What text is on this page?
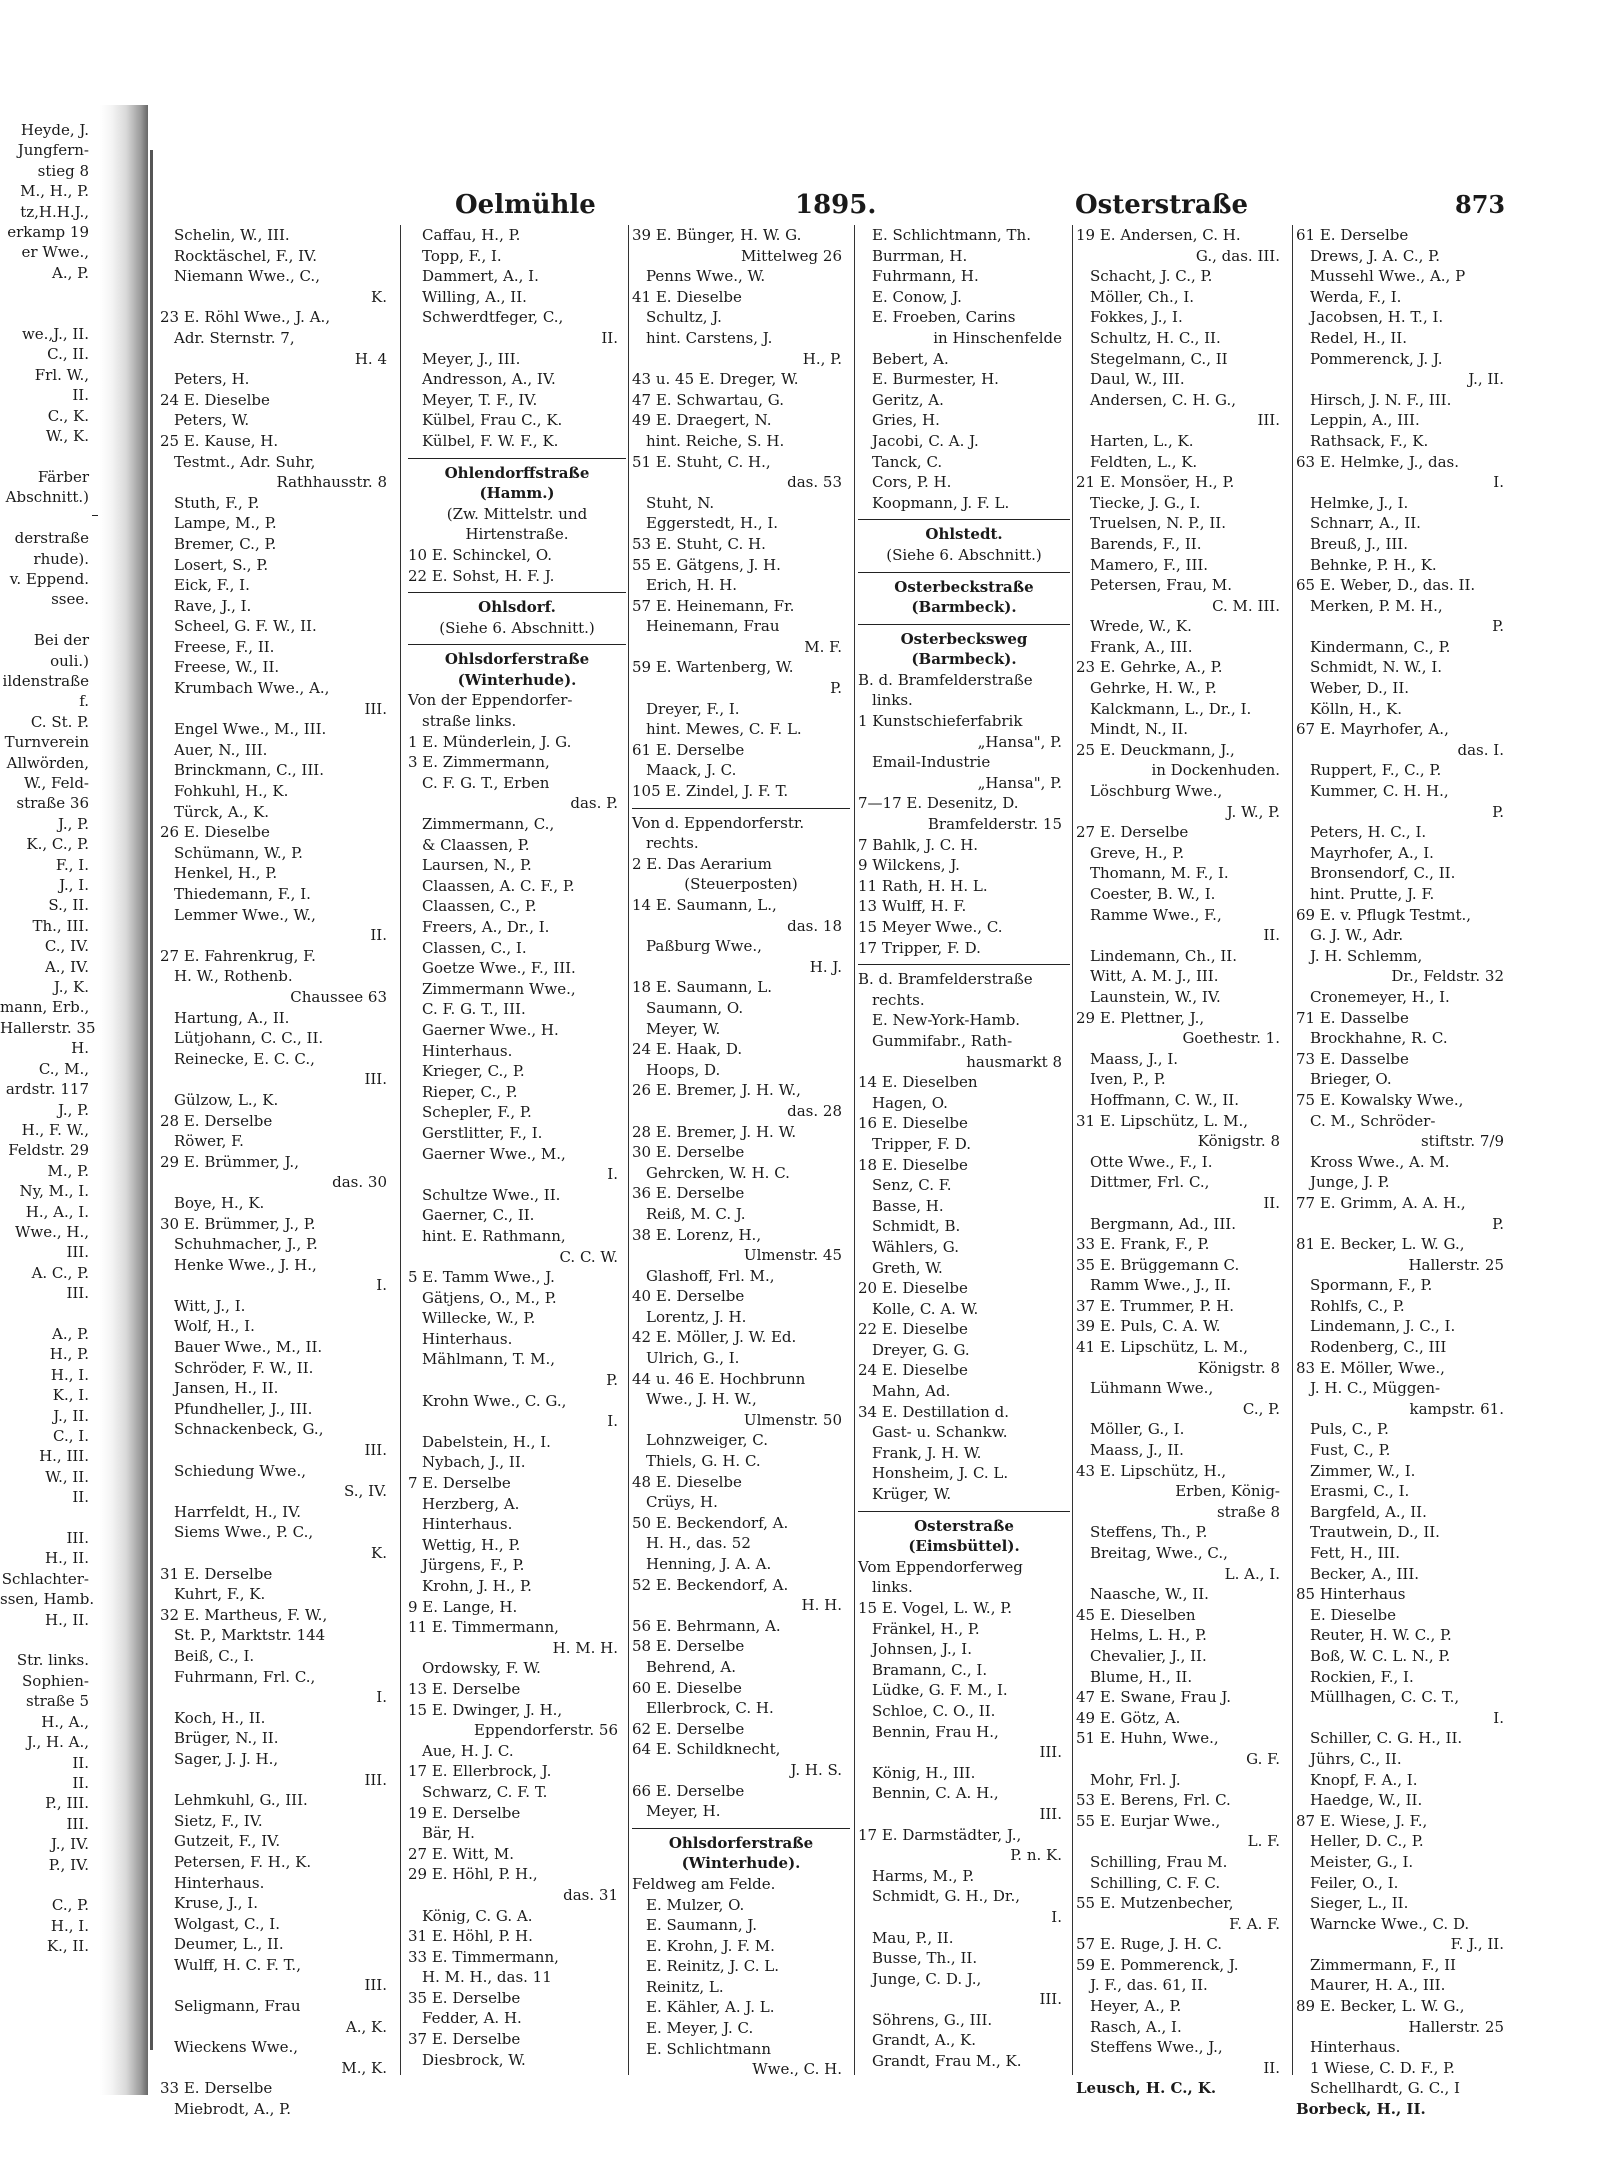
Heyde, J.
Jungfern-
stieg 8
M., H., P.
tz,H.H.J.,
erkamp 19
er Wwe.,
A., P.

we.,J., II.
C., II.
Frl. W.,
II.
C., K.
W., K.

Färber
Abschnitt.)

derstraße
rhude).
v. Eppend.
ssee.

Bei der
ouli.)
ildenstraße
f.
C. St. P.
Turnverein
Allwörden,
W., Feld-
straße 36
J., P.
K., C., P.
F., I.
J., I.
S., II.
Th., III.
C., IV.
A., IV.
J., K.
mann, Erb.,
Hallerstr. 35
H.
C., M.,
ardstr. 117
J., P.
H., F. W.,
Feldstr. 29
M., P.
Ny, M., I.
H., A., I.
Wwe., H.,
III.
A. C., P.
III.

A., P.
H., P.
H., I.
K., I.
J., II.
C., I.
H., III.
W., II.
II.

III.
H., II.
Schlachter-
ssen, Hamb.
H., II.

Str. links.
Sophien-
straße 5
H., A.,
J., H. A.,
II.
II.
P., III.
III.
J., IV.
P., IV.

C., P.
H., I.
K., II.
Oelmühle	1895.	Osterstraße	873
Schelin, W., III.
Rocktäschel, F., IV.
Niemann Wwe., C.,
K.
23 E. Röhl Wwe., J. A.,
Adr. Sternstr. 7,
H. 4
Peters, H.
24 E. Dieselbe
Peters, W.
25 E. Kause, H.
Testmt., Adr. Suhr,
Rathhausstr. 8
Stuth, F., P.
Lampe, M., P.
Bremer, C., P.
Losert, S., P.
Eick, F., I.
Rave, J., I.
Scheel, G. F. W., II.
Freese, F., II.
Freese, W., II.
Krumbach Wwe., A.,
III.
Engel Wwe., M., III.
Auer, N., III.
Brinckmann, C., III.
Fohkuhl, H., K.
Türck, A., K.
26 E. Dieselbe
Schümann, W., P.
Henkel, H., P.
Thiedemann, F., I.
Lemmer Wwe., W.,
II.
27 E. Fahrenkrug, F.
H. W., Rothenb.
Chaussee 63
Hartung, A., II.
Lütjohann, C. C., II.
Reinecke, E. C. C.,
III.
Gülzow, L., K.
28 E. Derselbe
Röwer, F.
29 E. Brümmer, J.,
das. 30
Boye, H., K.
30 E. Brümmer, J., P.
Schuhmacher, J., P.
Henke Wwe., J. H.,
I.
Witt, J., I.
Wolf, H., I.
Bauer Wwe., M., II.
Schröder, F. W., II.
Jansen, H., II.
Pfundheller, J., III.
Schnackenbeck, G.,
III.
Schiedung Wwe.,
S., IV.
Harrfeldt, H., IV.
Siems Wwe., P. C.,
K.
31 E. Derselbe
Kuhrt, F., K.
32 E. Martheus, F. W.,
St. P., Marktstr. 144
Beiß, C., I.
Fuhrmann, Frl. C.,
I.
Koch, H., II.
Brüger, N., II.
Sager, J. J. H.,
III.
Lehmkuhl, G., III.
Sietz, F., IV.
Gutzeit, F., IV.
Petersen, F. H., K.
Hinterhaus.
Kruse, J., I.
Wolgast, C., I.
Deumer, L., II.
Wulff, H. C. F. T.,
III.
Seligmann, Frau
A., K.
Wieckens Wwe.,
M., K.
33 E. Derselbe
Miebrodt, A., P.
Caffau, H., P.
Topp, F., I.
Dammert, A., I.
Willing, A., II.
Schwerdtfeger, C.,
II.
Meyer, J., III.
Andresson, A., IV.
Meyer, T. F., IV.
Külbel, Frau C., K.
Külbel, F. W. F., K.
Ohlendorffstraße
(Hamm.)
(Zw. Mittelstr. und
Hirtenstraße.
10 E. Schinckel, O.
22 E. Sohst, H. F. J.
Ohlsdorf.
(Siehe 6. Abschnitt.)
Ohlsdorferstraße
(Winterhude).
Von der Eppendorfer-
straße links.
1 E. Münderlein, J. G.
3 E. Zimmermann,
C. F. G. T., Erben
das. P.
Zimmermann, C.,
& Claassen, P.
Laursen, N., P.
Claassen, A. C. F., P.
Claassen, C., P.
Freers, A., Dr., I.
Classen, C., I.
Goetze Wwe., F., III.
Zimmermann Wwe.,
C. F. G. T., III.
Gaerner Wwe., H.
Hinterhaus.
Krieger, C., P.
Rieper, C., P.
Schepler, F., P.
Gerstlitter, F., I.
Gaerner Wwe., M.,
I.
Schultze Wwe., II.
Gaerner, C., II.
hint. E. Rathmann,
C. C. W.
5 E. Tamm Wwe., J.
Gätjens, O., M., P.
Willecke, W., P.
Hinterhaus.
Mählmann, T. M.,
P.
Krohn Wwe., C. G.,
I.
Dabelstein, H., I.
Nybach, J., II.
7 E. Derselbe
Herzberg, A.
Hinterhaus.
Wettig, H., P.
Jürgens, F., P.
Krohn, J. H., P.
9 E. Lange, H.
11 E. Timmermann,
H. M. H.
Ordowsky, F. W.
13 E. Derselbe
15 E. Dwinger, J. H.,
Eppendorferstr. 56
Aue, H. J. C.
17 E. Ellerbrock, J.
Schwarz, C. F. T.
19 E. Derselbe
Bär, H.
27 E. Witt, M.
29 E. Höhl, P. H.,
das. 31
König, C. G. A.
31 E. Höhl, P. H.
33 E. Timmermann,
H. M. H., das. 11
35 E. Derselbe
Fedder, A. H.
37 E. Derselbe
Diesbrock, W.
39 E. Bünger, H. W. G.
Mittelweg 26
Penns Wwe., W.
41 E. Dieselbe
Schultz, J.
hint. Carstens, J.
H., P.
43 u. 45 E. Dreger, W.
47 E. Schwartau, G.
49 E. Draegert, N.
hint. Reiche, S. H.
51 E. Stuht, C. H.,
das. 53
Stuht, N.
Eggerstedt, H., I.
53 E. Stuht, C. H.
55 E. Gätgens, J. H.
Erich, H. H.
57 E. Heinemann, Fr.
Heinemann, Frau
M. F.
59 E. Wartenberg, W.
P.
Dreyer, F., I.
hint. Mewes, C. F. L.
61 E. Derselbe
Maack, J. C.
105 E. Zindel, J. F. T.
Von d. Eppendorferstr.
rechts.
2 E. Das Aerarium
(Steuerposten)
14 E. Saumann, L.,
das. 18
Paßburg Wwe.,
H. J.
18 E. Saumann, L.
Saumann, O.
Meyer, W.
24 E. Haak, D.
Hoops, D.
26 E. Bremer, J. H. W.,
das. 28
28 E. Bremer, J. H. W.
30 E. Derselbe
Gehrcken, W. H. C.
36 E. Derselbe
Reiß, M. C. J.
38 E. Lorenz, H.,
Ulmenstr. 45
Glashoff, Frl. M.,
40 E. Derselbe
Lorentz, J. H.
42 E. Möller, J. W. Ed.
Ulrich, G., I.
44 u. 46 E. Hochbrunn
Wwe., J. H. W.,
Ulmenstr. 50
Lohnzweiger, C.
Thiels, G. H. C.
48 E. Dieselbe
Crüys, H.
50 E. Beckendorf, A.
H. H., das. 52
Henning, J. A. A.
52 E. Beckendorf, A.
H. H.
56 E. Behrmann, A.
58 E. Derselbe
Behrend, A.
60 E. Dieselbe
Ellerbrock, C. H.
62 E. Derselbe
64 E. Schildknecht,
J. H. S.
66 E. Derselbe
Meyer, H.
Ohlsdorferstraße
(Winterhude).
Feldweg am Felde.
E. Mulzer, O.
E. Saumann, J.
E. Krohn, J. F. M.
E. Reinitz, J. C. L.
Reinitz, L.
E. Kähler, A. J. L.
E. Meyer, J. C.
E. Schlichtmann
Wwe., C. H.
E. Schlichtmann, Th.
Burrman, H.
Fuhrmann, H.
E. Conow, J.
E. Froeben, Carins
in Hinschenfelde
Bebert, A.
E. Burmester, H.
Geritz, A.
Gries, H.
Jacobi, C. A. J.
Tanck, C.
Cors, P. H.
Koopmann, J. F. L.
Ohlstedt.
(Siehe 6. Abschnitt.)
Osterbeckstraße
(Barmbeck).
Osterbecksweg
(Barmbeck).
B. d. Bramfelderstraße
links.
1 Kunstschieferfabrik
„Hansa", P.
Email-Industrie
„Hansa", P.
7—17 E. Desenitz, D.
Bramfelderstr. 15
7 Bahlk, J. C. H.
9 Wilckens, J.
11 Rath, H. H. L.
13 Wulff, H. F.
15 Meyer Wwe., C.
17 Tripper, F. D.
B. d. Bramfelderstraße
rechts.
E. New-York-Hamb.
Gummifabr., Rath-
hausmarkt 8
14 E. Dieselben
Hagen, O.
16 E. Dieselbe
Tripper, F. D.
18 E. Dieselbe
Senz, C. F.
Basse, H.
Schmidt, B.
Wählers, G.
Greth, W.
20 E. Dieselbe
Kolle, C. A. W.
22 E. Dieselbe
Dreyer, G. G.
24 E. Dieselbe
Mahn, Ad.
34 E. Destillation d.
Gast- u. Schankw.
Frank, J. H. W.
Honsheim, J. C. L.
Krüger, W.
Osterstraße
(Eimsbüttel).
Vom Eppendorferweg
links.
15 E. Vogel, L. W., P.
Fränkel, H., P.
Johnsen, J., I.
Bramann, C., I.
Lüdke, G. F. M., I.
Schloe, C. O., II.
Bennin, Frau H.,
III.
König, H., III.
Bennin, C. A. H.,
III.
17 E. Darmstädter, J.,
P. n. K.
Harms, M., P.
Schmidt, G. H., Dr.,
I.
Mau, P., II.
Busse, Th., II.
Junge, C. D. J.,
III.
Söhrens, G., III.
Grandt, A., K.
Grandt, Frau M., K.
19 E. Andersen, C. H.
G., das. III.
Schacht, J. C., P.
Möller, Ch., I.
Fokkes, J., I.
Schultz, H. C., II.
Stegelmann, C., II
Daul, W., III.
Andersen, C. H. G.,
III.
Harten, L., K.
Feldten, L., K.
21 E. Monsöer, H., P.
Tiecke, J. G., I.
Truelsen, N. P., II.
Barends, F., II.
Mamero, F., III.
Petersen, Frau, M.
C. M. III.
Wrede, W., K.
Frank, A., III.
23 E. Gehrke, A., P.
Gehrke, H. W., P.
Kalckmann, L., Dr., I.
Mindt, N., II.
25 E. Deuckmann, J.,
in Dockenhuden.
Löschburg Wwe.,
J. W., P.
27 E. Derselbe
Greve, H., P.
Thomann, M. F., I.
Coester, B. W., I.
Ramme Wwe., F.,
II.
Lindemann, Ch., II.
Witt, A. M. J., III.
Launstein, W., IV.
29 E. Plettner, J.,
Goethestr. 1.
Maass, J., I.
Iven, P., P.
Hoffmann, C. W., II.
31 E. Lipschütz, L. M.,
Königstr. 8
Otte Wwe., F., I.
Dittmer, Frl. C.,
II.
Bergmann, Ad., III.
33 E. Frank, F., P.
35 E. Brüggemann C.
Ramm Wwe., J., II.
37 E. Trummer, P. H.
39 E. Puls, C. A. W.
41 E. Lipschütz, L. M.,
Königstr. 8
Lühmann Wwe.,
C., P.
Möller, G., I.
Maass, J., II.
43 E. Lipschütz, H.,
Erben, König-
straße 8
Steffens, Th., P.
Breitag, Wwe., C.,
L. A., I.
Naasche, W., II.
45 E. Dieselben
Helms, L. H., P.
Chevalier, J., II.
Blume, H., II.
47 E. Swane, Frau J.
49 E. Götz, A.
51 E. Huhn, Wwe.,
G. F.
Mohr, Frl. J.
53 E. Berens, Frl. C.
55 E. Eurjar Wwe.,
L. F.
Schilling, Frau M.
Schilling, C. F. C.
55 E. Mutzenbecher,
F. A. F.
57 E. Ruge, J. H. C.
59 E. Pommerenck, J.
J. F., das. 61, II.
Heyer, A., P.
Rasch, A., I.
Steffens Wwe., J.,
II.
Leusch, H. C., K.
61 E. Derselbe
Drews, J. A. C., P.
Mussehl Wwe., A., P
Werda, F., I.
Jacobsen, H. T., I.
Redel, H., II.
Pommerenck, J. J.
J., II.
Hirsch, J. N. F., III.
Leppin, A., III.
Rathsack, F., K.
63 E. Helmke, J., das.
I.
Helmke, J., I.
Schnarr, A., II.
Breuß, J., III.
Behnke, P. H., K.
65 E. Weber, D., das. II.
Merken, P. M. H.,
P.
Kindermann, C., P.
Schmidt, N. W., I.
Weber, D., II.
Kölln, H., K.
67 E. Mayrhofer, A.,
das. I.
Ruppert, F., C., P.
Kummer, C. H. H.,
P.
Peters, H. C., I.
Mayrhofer, A., I.
Bronsendorf, C., II.
hint. Prutte, J. F.
69 E. v. Pflugk Testmt.,
G. J. W., Adr.
J. H. Schlemm,
Dr., Feldstr. 32
Cronemeyer, H., I.
71 E. Dasselbe
Brockhahne, R. C.
73 E. Dasselbe
Brieger, O.
75 E. Kowalsky Wwe.,
C. M., Schröder-
stiftstr. 7/9
Kross Wwe., A. M.
Junge, J. P.
77 E. Grimm, A. A. H.,
P.
81 E. Becker, L. W. G.,
Hallerstr. 25
Spormann, F., P.
Rohlfs, C., P.
Lindemann, J. C., I.
Rodenberg, C., III
83 E. Möller, Wwe.,
J. H. C., Müggen-
kampstr. 61.
Puls, C., P.
Fust, C., P.
Zimmer, W., I.
Erasmi, C., I.
Bargfeld, A., II.
Trautwein, D., II.
Fett, H., III.
Becker, A., III.
85 Hinterhaus
E. Dieselbe
Reuter, H. W. C., P.
Boß, W. C. L. N., P.
Rockien, F., I.
Müllhagen, C. C. T.,
I.
Schiller, C. G. H., II.
Jührs, C., II.
Knopf, F. A., I.
Haedge, W., II.
87 E. Wiese, J. F.,
Heller, D. C., P.
Meister, G., I.
Feiler, O., I.
Sieger, L., II.
Warncke Wwe., C. D.
F. J., II.
Zimmermann, F., II
Maurer, H. A., III.
89 E. Becker, L. W. G.,
Hallerstr. 25
Hinterhaus.
1 Wiese, C. D. F., P.
Schellhardt, G. C., I
Borbeck, H., II.
